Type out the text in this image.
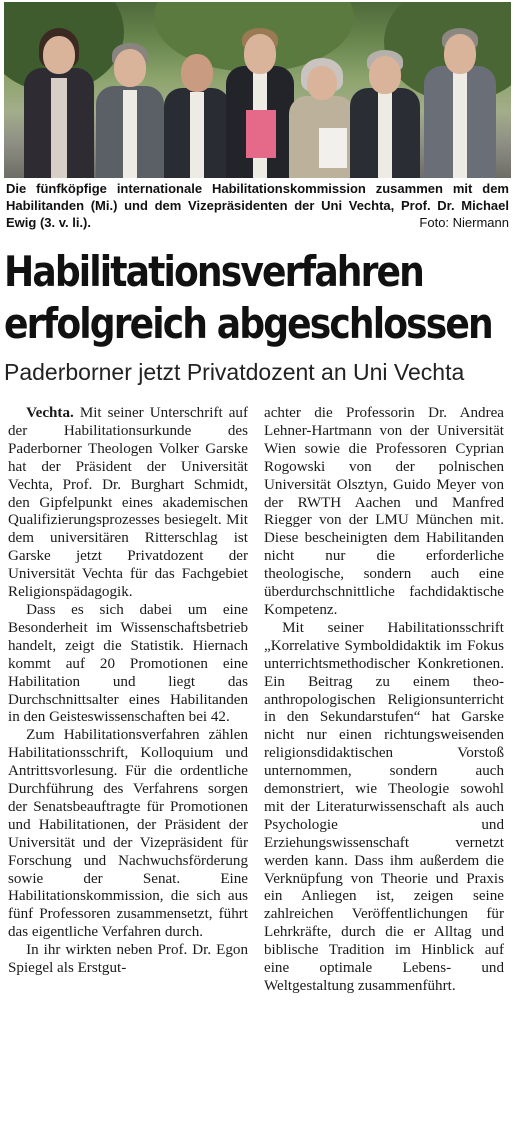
Die fünfköpfige internationale Habilitationskommission zusammen mit dem Habilitanden (Mi.) und dem Vizepräsidenten der Uni Vechta, Prof. Dr. Michael Ewig (3. v. li.).	Foto: Niermann
Habilitationsverfahren
erfolgreich abgeschlossen
Paderborner jetzt Privatdozent an Uni Vechta

Vechta. Mit seiner Unterschrift auf der Habilitationsurkunde des Paderborner Theologen Volker Garske hat der Präsident der Universität Vechta, Prof. Dr. Burghart Schmidt, den Gipfelpunkt eines akademischen Qualifizierungsprozesses besiegelt. Mit dem universitären Ritterschlag ist Garske jetzt Privatdozent der Universität Vechta für das Fachgebiet Religionspädagogik.

Dass es sich dabei um eine Besonderheit im Wissenschaftsbetrieb handelt, zeigt die Statistik. Hiernach kommt auf 20 Promotionen eine Habilitation und liegt das Durchschnittsalter eines Habilitanden in den Geisteswissenschaften bei 42.

Zum Habilitationsverfahren zählen Habilitationsschrift, Kolloquium und Antrittsvorlesung. Für die ordentliche Durchführung des Verfahrens sorgen der Senatsbeauftragte für Promotionen und Habilitationen, der Präsident der Universität und der Vizepräsident für Forschung und Nachwuchsförderung sowie der Senat. Eine Habilitationskommission, die sich aus fünf Professoren zusammensetzt, führt das eigentliche Verfahren durch.

In ihr wirkten neben Prof. Dr. Egon Spiegel als Erstgut-

achter die Professorin Dr. Andrea Lehner-Hartmann von der Universität Wien sowie die Professoren Cyprian Rogowski von der polnischen Universität Olsztyn, Guido Meyer von der RWTH Aachen und Manfred Riegger von der LMU München mit. Diese bescheinigten dem Habilitanden nicht nur die erforderliche theologische, sondern auch eine überdurchschnittliche fachdidaktische Kompetenz.

Mit seiner Habilitationsschrift „Korrelative Symboldidaktik im Fokus unterrichtsmethodischer Konkretionen. Ein Beitrag zu einem theo-anthropologischen Religionsunterricht in den Sekundarstufen“ hat Garske nicht nur einen richtungsweisenden religionsdidaktischen Vorstoß unternommen, sondern auch demonstriert, wie Theologie sowohl mit der Literaturwissenschaft als auch Psychologie und Erziehungswissenschaft vernetzt werden kann. Dass ihm außerdem die Verknüpfung von Theorie und Praxis ein Anliegen ist, zeigen seine zahlreichen Veröffentlichungen für Lehrkräfte, durch die er Alltag und biblische Tradition im Hinblick auf eine optimale Lebens- und Weltgestaltung zusammenführt.
